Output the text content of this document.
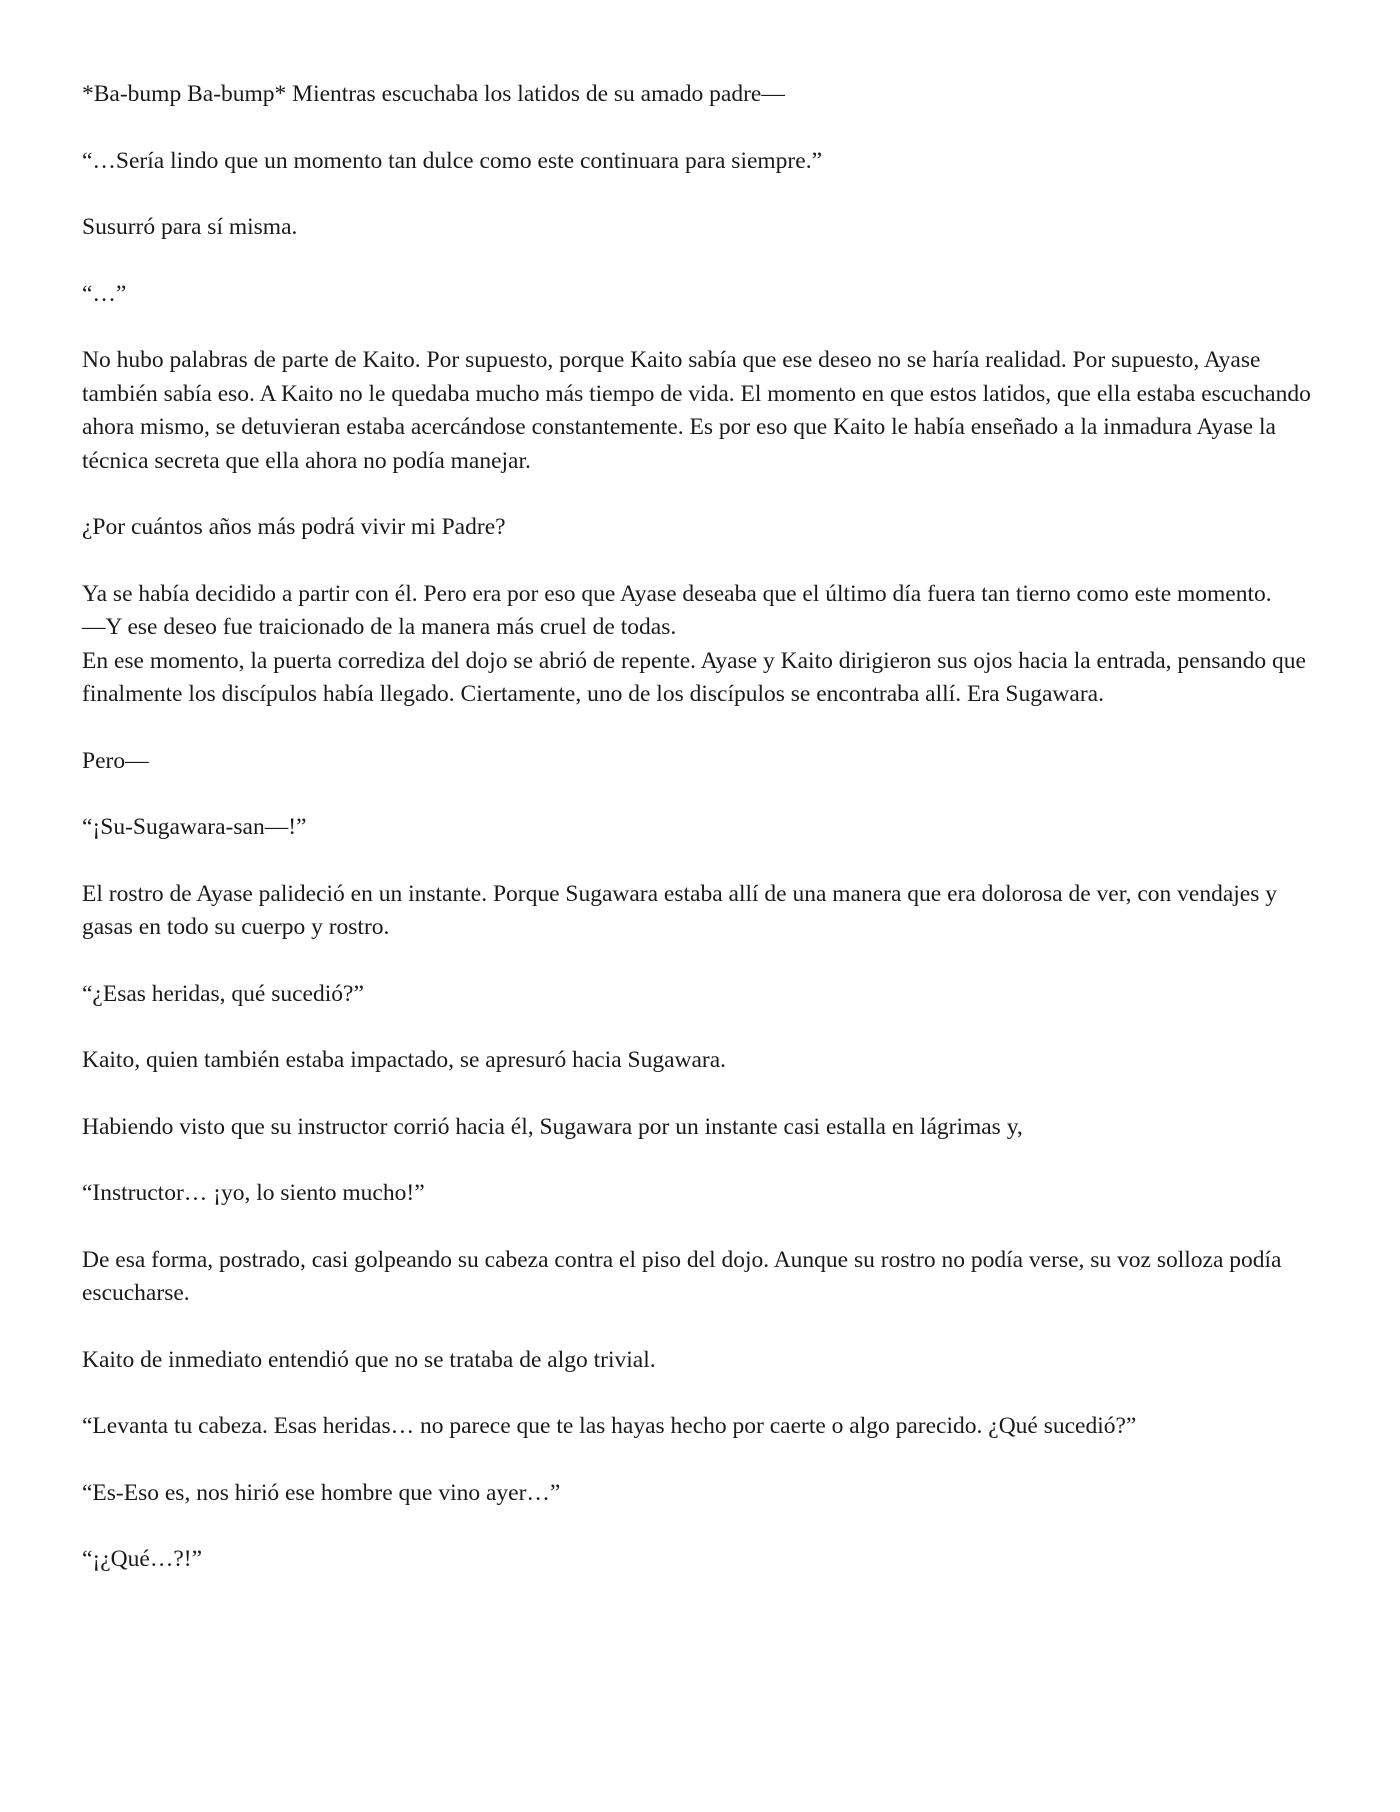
*Ba-bump Ba-bump* Mientras escuchaba los latidos de su amado padre—

“…Sería lindo que un momento tan dulce como este continuara para siempre.”

Susurró para sí misma.

“…”

No hubo palabras de parte de Kaito. Por supuesto, porque Kaito sabía que ese deseo no se haría realidad. Por supuesto, Ayase también sabía eso. A Kaito no le quedaba mucho más tiempo de vida. El momento en que estos latidos, que ella estaba escuchando ahora mismo, se detuvieran estaba acercándose constantemente. Es por eso que Kaito le había enseñado a la inmadura Ayase la técnica secreta que ella ahora no podía manejar.

¿Por cuántos años más podrá vivir mi Padre?

Ya se había decidido a partir con él. Pero era por eso que Ayase deseaba que el último día fuera tan tierno como este momento.

—Y ese deseo fue traicionado de la manera más cruel de todas.

En ese momento, la puerta corrediza del dojo se abrió de repente. Ayase y Kaito dirigieron sus ojos hacia la entrada, pensando que finalmente los discípulos había llegado. Ciertamente, uno de los discípulos se encontraba allí. Era Sugawara.

Pero—

“¡Su-Sugawara-san—!”

El rostro de Ayase palideció en un instante. Porque Sugawara estaba allí de una manera que era dolorosa de ver, con vendajes y gasas en todo su cuerpo y rostro.

“¿Esas heridas, qué sucedió?”

Kaito, quien también estaba impactado, se apresuró hacia Sugawara.

Habiendo visto que su instructor corrió hacia él, Sugawara por un instante casi estalla en lágrimas y,

“Instructor… ¡yo, lo siento mucho!”

De esa forma, postrado, casi golpeando su cabeza contra el piso del dojo. Aunque su rostro no podía verse, su voz solloza podía escucharse.

Kaito de inmediato entendió que no se trataba de algo trivial.

“Levanta tu cabeza. Esas heridas… no parece que te las hayas hecho por caerte o algo parecido. ¿Qué sucedió?”

“Es-Eso es, nos hirió ese hombre que vino ayer…”

“¡¿Qué…?!”
